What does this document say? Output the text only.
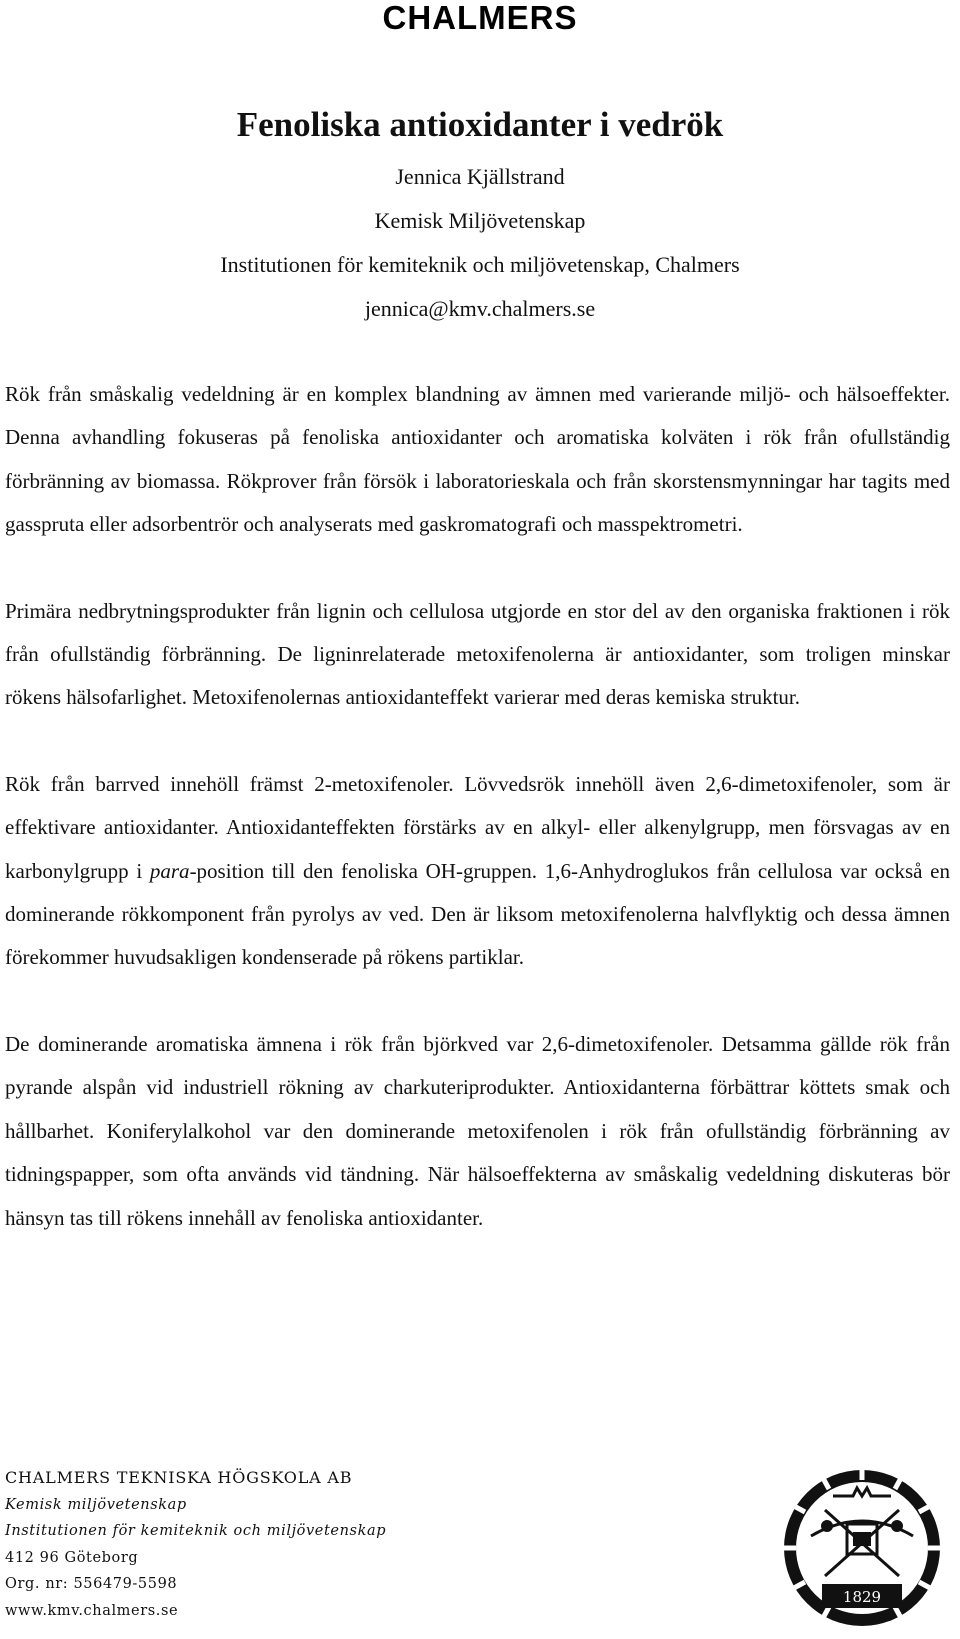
CHALMERS
Fenoliska antioxidanter i vedrök
Jennica Kjällstrand
Kemisk Miljövetenskap
Institutionen för kemiteknik och miljövetenskap, Chalmers
jennica@kmv.chalmers.se

Rök från småskalig vedeldning är en komplex blandning av ämnen med varierande miljö- och hälsoeffekter. Denna avhandling fokuseras på fenoliska antioxidanter och aromatiska kolväten i rök från ofullständig förbränning av biomassa. Rökprover från försök i laboratorieskala och från skorstensmynningar har tagits med gasspruta eller adsorbentrör och analyserats med gaskromatografi och masspektrometri.

Primära nedbrytningsprodukter från lignin och cellulosa utgjorde en stor del av den organiska fraktionen i rök från ofullständig förbränning. De ligninrelaterade metoxifenolerna är antioxidanter, som troligen minskar rökens hälsofarlighet. Metoxifenolernas antioxidanteffekt varierar med deras kemiska struktur.

Rök från barrved innehöll främst 2-metoxifenoler. Lövvedsrök innehöll även 2,6-dimetoxifenoler, som är effektivare antioxidanter. Antioxidanteffekten förstärks av en alkyl- eller alkenylgrupp, men försvagas av en karbonylgrupp i para-position till den fenoliska OH-gruppen. 1,6-Anhydroglukos från cellulosa var också en dominerande rökkomponent från pyrolys av ved. Den är liksom metoxifenolerna halvflyktig och dessa ämnen förekommer huvudsakligen kondenserade på rökens partiklar.

De dominerande aromatiska ämnena i rök från björkved var 2,6-dimetoxifenoler. Detsamma gällde rök från pyrande alspån vid industriell rökning av charkuteriprodukter. Antioxidanterna förbättrar köttets smak och hållbarhet. Koniferylalkohol var den dominerande metoxifenolen i rök från ofullständig förbränning av tidningspapper, som ofta används vid tändning. När hälsoeffekterna av småskalig vedeldning diskuteras bör hänsyn tas till rökens innehåll av fenoliska antioxidanter.

CHALMERS TEKNISKA HÖGSKOLA AB
Kemisk miljövetenskap
Institutionen för kemiteknik och miljövetenskap
412 96 Göteborg
Org. nr: 556479-5598
www.kmv.chalmers.se
1829
